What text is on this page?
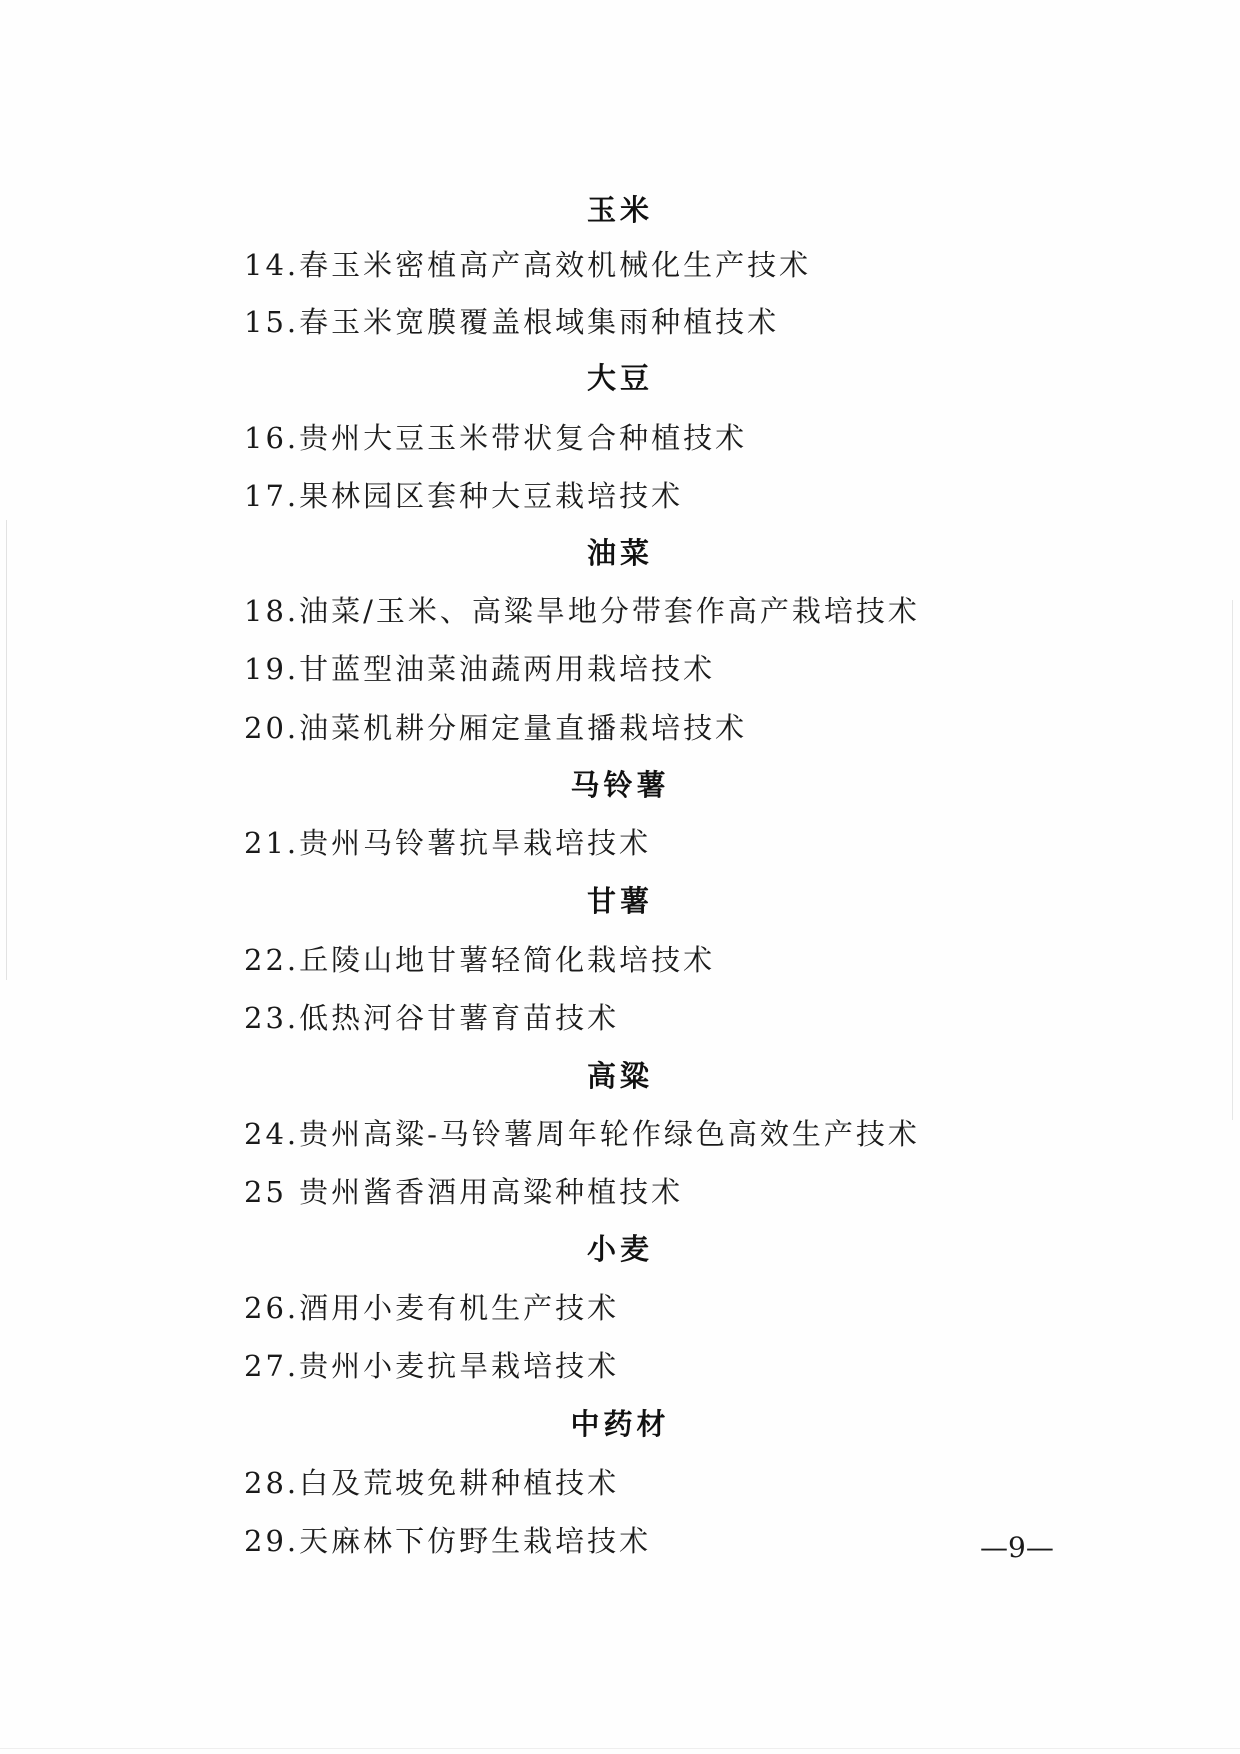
玉米
14.春玉米密植高产高效机械化生产技术
15.春玉米宽膜覆盖根域集雨种植技术
大豆
16.贵州大豆玉米带状复合种植技术
17.果林园区套种大豆栽培技术
油菜
18.油菜/玉米、高粱旱地分带套作高产栽培技术
19.甘蓝型油菜油蔬两用栽培技术
20.油菜机耕分厢定量直播栽培技术
马铃薯
21.贵州马铃薯抗旱栽培技术
甘薯
22.丘陵山地甘薯轻简化栽培技术
23.低热河谷甘薯育苗技术
高粱
24.贵州高粱-马铃薯周年轮作绿色高效生产技术
25 贵州酱香酒用高粱种植技术
小麦
26.酒用小麦有机生产技术
27.贵州小麦抗旱栽培技术
中药材
28.白及荒坡免耕种植技术
29.天麻林下仿野生栽培技术	—9—
